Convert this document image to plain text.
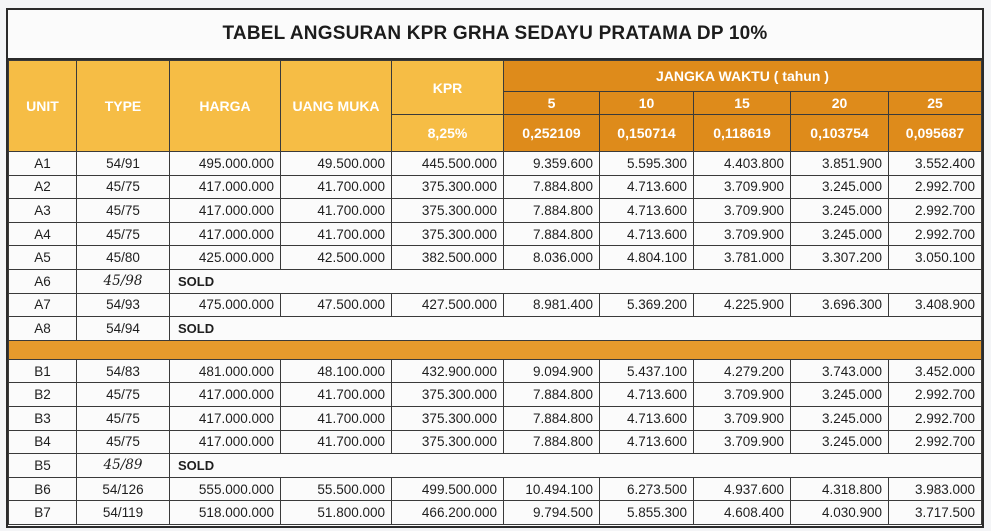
TABEL ANGSURAN KPR GRHA SEDAYU PRATAMA DP 10%
UNIT	TYPE	HARGA	UANG MUKA	KPR	JANGKA WAKTU ( tahun )				
					5	10	15	20	25
				8,25%	0,252109	0,150714	0,118619	0,103754	0,095687
A1	54/91	495.000.000	49.500.000	445.500.000	9.359.600	5.595.300	4.403.800	3.851.900	3.552.400
A2	45/75	417.000.000	41.700.000	375.300.000	7.884.800	4.713.600	3.709.900	3.245.000	2.992.700
A3	45/75	417.000.000	41.700.000	375.300.000	7.884.800	4.713.600	3.709.900	3.245.000	2.992.700
A4	45/75	417.000.000	41.700.000	375.300.000	7.884.800	4.713.600	3.709.900	3.245.000	2.992.700
A5	45/80	425.000.000	42.500.000	382.500.000	8.036.000	4.804.100	3.781.000	3.307.200	3.050.100
A6	45/98	SOLD							
A7	54/93	475.000.000	47.500.000	427.500.000	8.981.400	5.369.200	4.225.900	3.696.300	3.408.900
A8	54/94	SOLD							

B1	54/83	481.000.000	48.100.000	432.900.000	9.094.900	5.437.100	4.279.200	3.743.000	3.452.000
B2	45/75	417.000.000	41.700.000	375.300.000	7.884.800	4.713.600	3.709.900	3.245.000	2.992.700
B3	45/75	417.000.000	41.700.000	375.300.000	7.884.800	4.713.600	3.709.900	3.245.000	2.992.700
B4	45/75	417.000.000	41.700.000	375.300.000	7.884.800	4.713.600	3.709.900	3.245.000	2.992.700
B5	45/89	SOLD							
B6	54/126	555.000.000	55.500.000	499.500.000	10.494.100	6.273.500	4.937.600	4.318.800	3.983.000
B7	54/119	518.000.000	51.800.000	466.200.000	9.794.500	5.855.300	4.608.400	4.030.900	3.717.500
